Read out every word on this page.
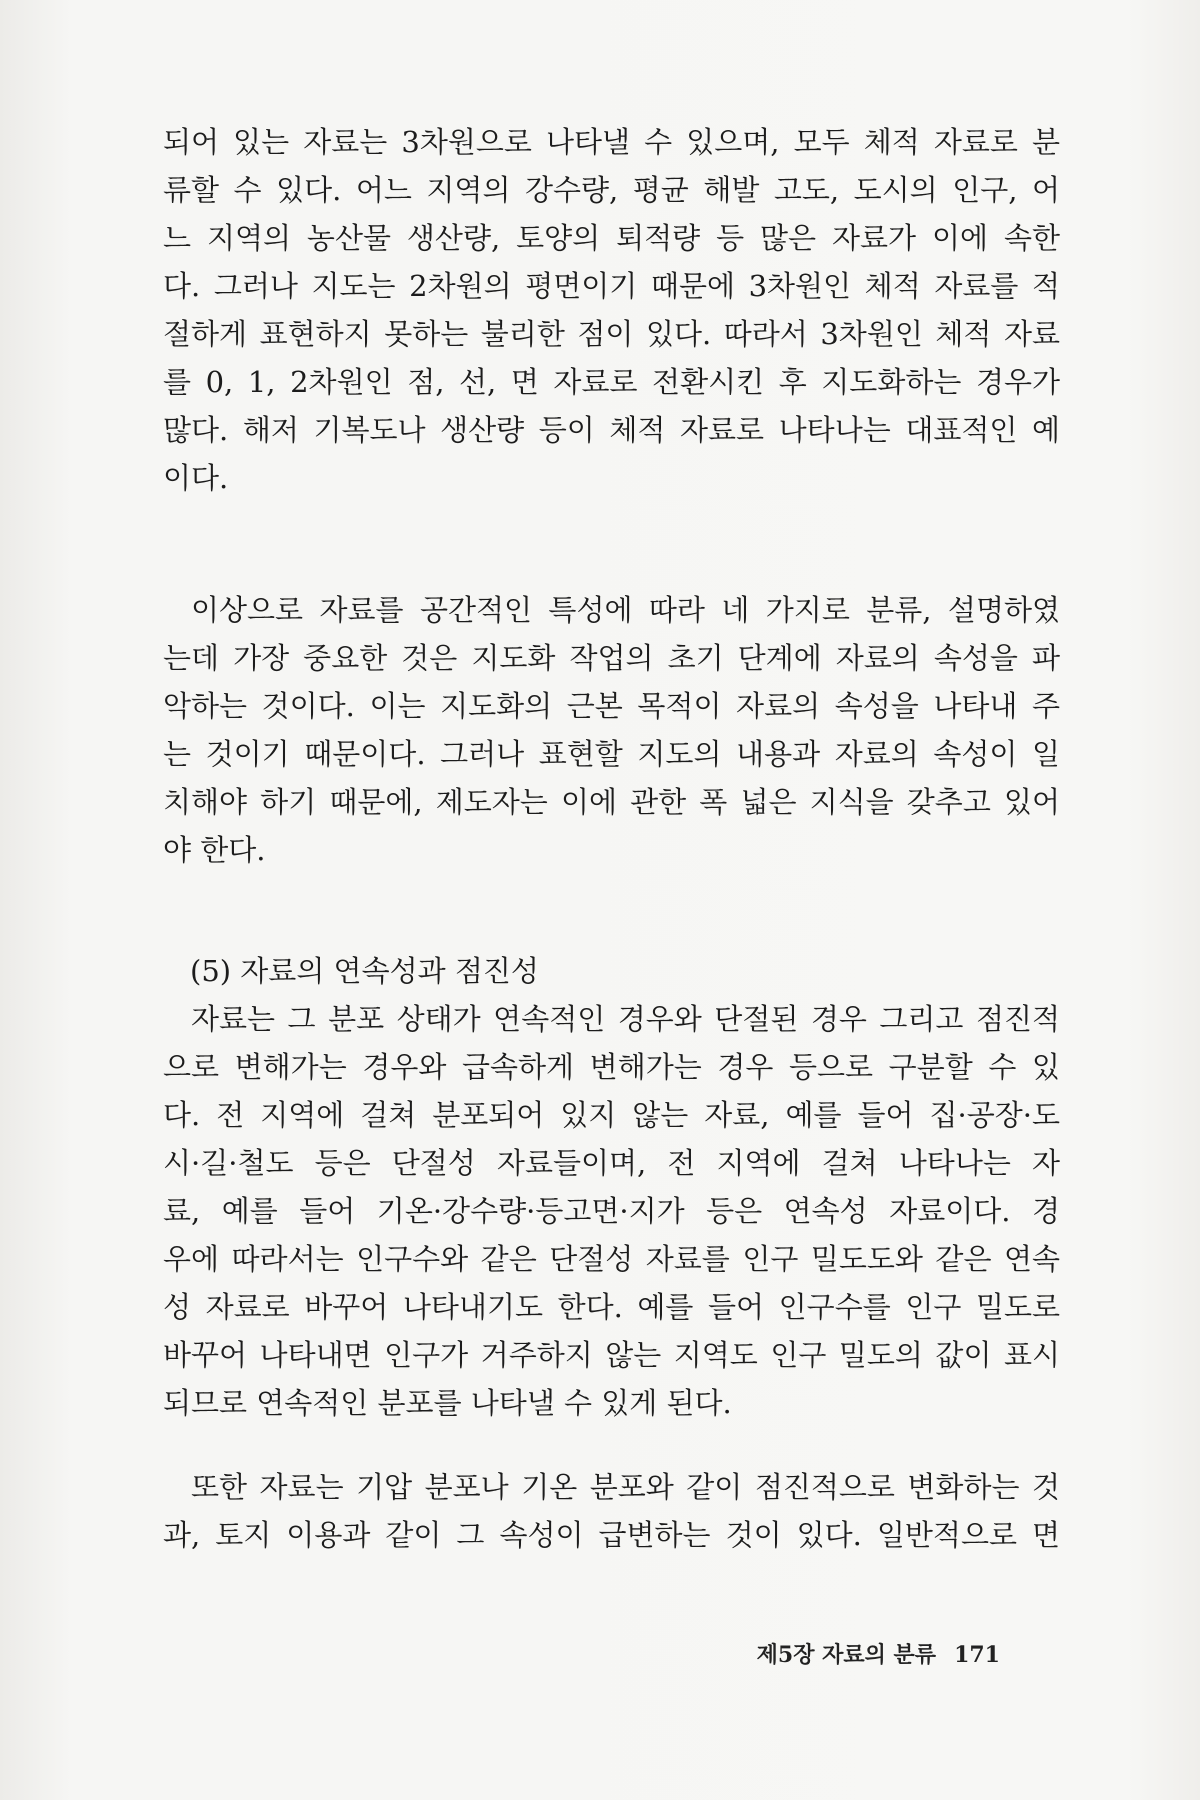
되어 있는 자료는 3차원으로 나타낼 수 있으며, 모두 체적 자료로 분
류할 수 있다. 어느 지역의 강수량, 평균 해발 고도, 도시의 인구, 어
느 지역의 농산물 생산량, 토양의 퇴적량 등 많은 자료가 이에 속한
다. 그러나 지도는 2차원의 평면이기 때문에 3차원인 체적 자료를 적
절하게 표현하지 못하는 불리한 점이 있다. 따라서 3차원인 체적 자료
를 0, 1, 2차원인 점, 선, 면 자료로 전환시킨 후 지도화하는 경우가
많다. 해저 기복도나 생산량 등이 체적 자료로 나타나는 대표적인 예
이다.
이상으로 자료를 공간적인 특성에 따라 네 가지로 분류, 설명하였
는데 가장 중요한 것은 지도화 작업의 초기 단계에 자료의 속성을 파
악하는 것이다. 이는 지도화의 근본 목적이 자료의 속성을 나타내 주
는 것이기 때문이다. 그러나 표현할 지도의 내용과 자료의 속성이 일
치해야 하기 때문에, 제도자는 이에 관한 폭 넓은 지식을 갖추고 있어
야 한다.
(5) 자료의 연속성과 점진성
자료는 그 분포 상태가 연속적인 경우와 단절된 경우 그리고 점진적
으로 변해가는 경우와 급속하게 변해가는 경우 등으로 구분할 수 있
다. 전 지역에 걸쳐 분포되어 있지 않는 자료, 예를 들어 집·공장·도
시·길·철도 등은 단절성 자료들이며, 전 지역에 걸쳐 나타나는 자
료, 예를 들어 기온·강수량·등고면·지가 등은 연속성 자료이다. 경
우에 따라서는 인구수와 같은 단절성 자료를 인구 밀도도와 같은 연속
성 자료로 바꾸어 나타내기도 한다. 예를 들어 인구수를 인구 밀도로
바꾸어 나타내면 인구가 거주하지 않는 지역도 인구 밀도의 값이 표시
되므로 연속적인 분포를 나타낼 수 있게 된다.
또한 자료는 기압 분포나 기온 분포와 같이 점진적으로 변화하는 것
과, 토지 이용과 같이 그 속성이 급변하는 것이 있다. 일반적으로 면
제5장 자료의 분류 171
